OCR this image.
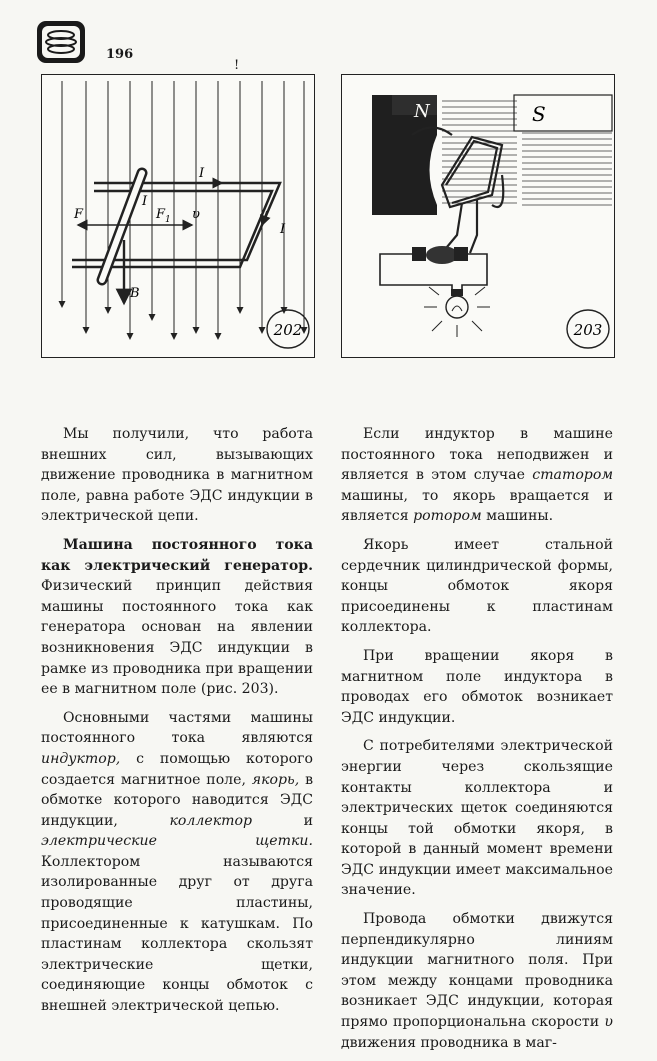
196
!
I
I
I
F	F 1 υ
B
202
N	S
203

Мы получили, что работа внешних сил, вызывающих движение проводника в магнитном поле, равна работе ЭДС индукции в электрической цепи.

Машина постоянного тока как электрический генератор. Физический принцип действия машины постоянного тока как генератора основан на явлении возникновения ЭДС индукции в рамке из проводника при вращении ее в магнитном поле (рис. 203).

Основными частями машины постоянного тока являются индуктор, с помощью которого создается магнитное поле, якорь, в обмотке которого наводится ЭДС индукции,	коллектор	и электрические щетки. Коллектором называются изолированные друг от друга проводящие пластины, присоединенные к катушкам. По пластинам коллектора скользят электрические щетки, соединяющие концы обмоток с внешней электрической цепью.

Если индуктор в машине постоянного тока неподвижен и является в этом случае статором машины, то якорь вращается и является ротором машины.

Якорь имеет стальной сердечник цилиндрической формы, концы обмоток якоря присоединены к пластинам коллектора.

При вращении якоря в магнитном поле индуктора в проводах его обмоток возникает ЭДС индукции.

С потребителями электрической энергии через скользящие контакты коллектора и электрических щеток соединяются концы той обмотки якоря, в которой в данный момент времени ЭДС индукции имеет максимальное значение.

Провода обмотки движутся перпендикулярно линиям индукции магнитного поля. При этом между концами проводника возникает ЭДС индукции, которая прямо пропорциональна скорости υ движения проводника в маг-
